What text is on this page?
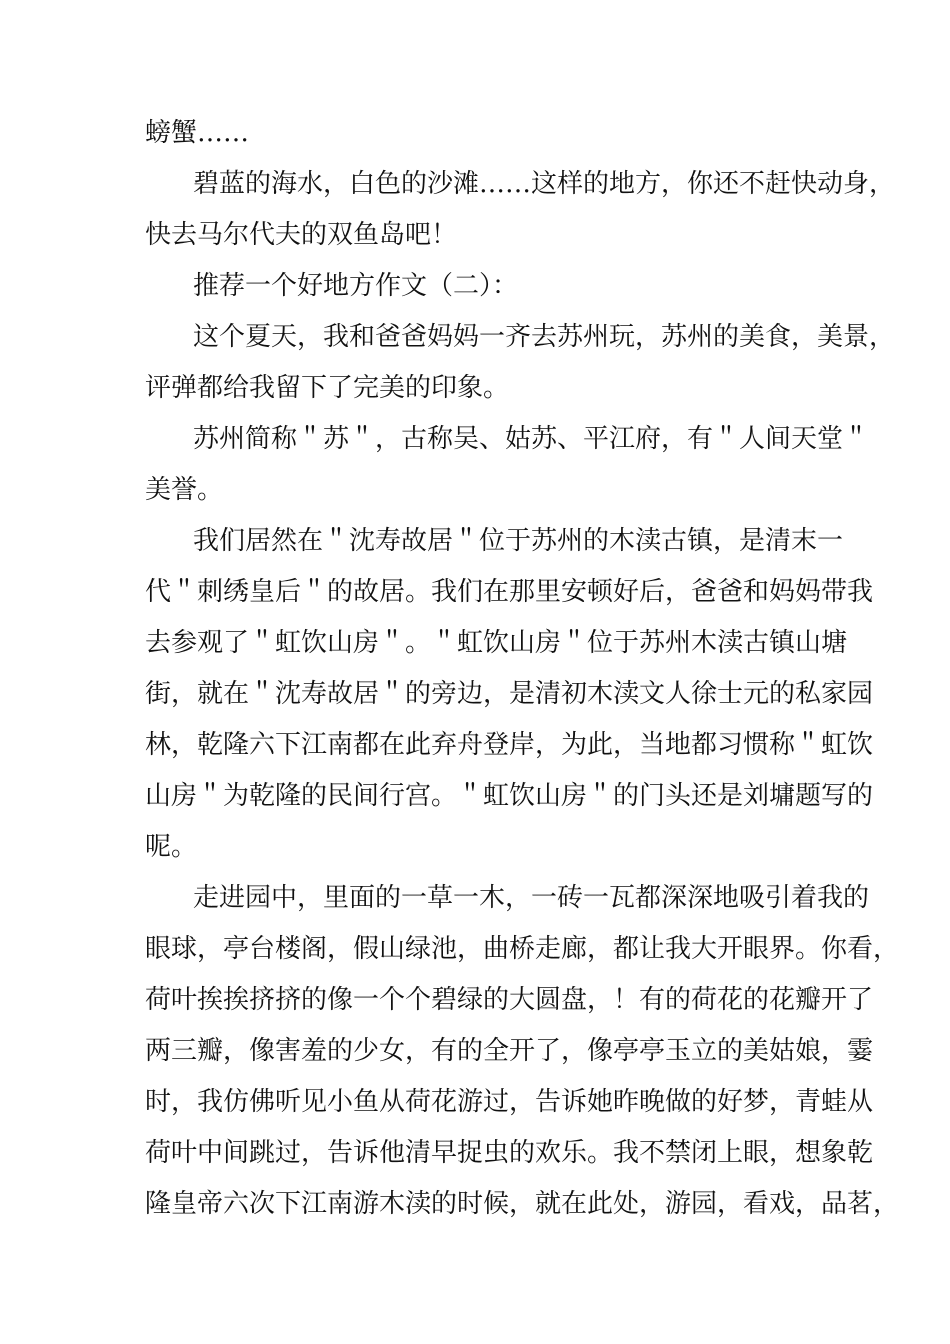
螃蟹……
碧蓝的海水，白色的沙滩……这样的地方，你还不赶快动身，
快去马尔代夫的双鱼岛吧！
推荐一个好地方作文（二）：
这个夏天，我和爸爸妈妈一齐去苏州玩，苏州的美食，美景，
评弹都给我留下了完美的印象。
苏州简称＂苏＂，古称吴、姑苏、平江府，有＂人间天堂＂
美誉。
我们居然在＂沈寿故居＂位于苏州的木渎古镇，是清末一
代＂刺绣皇后＂的故居。我们在那里安顿好后，爸爸和妈妈带我
去参观了＂虹饮山房＂。＂虹饮山房＂位于苏州木渎古镇山塘
街，就在＂沈寿故居＂的旁边，是清初木渎文人徐士元的私家园
林，乾隆六下江南都在此弃舟登岸，为此，当地都习惯称＂虹饮
山房＂为乾隆的民间行宫。＂虹饮山房＂的门头还是刘墉题写的
呢。
走进园中，里面的一草一木，一砖一瓦都深深地吸引着我的
眼球，亭台楼阁，假山绿池，曲桥走廊，都让我大开眼界。你看，
荷叶挨挨挤挤的像一个个碧绿的大圆盘，！有的荷花的花瓣开了
两三瓣，像害羞的少女，有的全开了，像亭亭玉立的美姑娘，霎
时，我仿佛听见小鱼从荷花游过，告诉她昨晚做的好梦，青蛙从
荷叶中间跳过，告诉他清早捉虫的欢乐。我不禁闭上眼，想象乾
隆皇帝六次下江南游木渎的时候，就在此处，游园，看戏，品茗，
